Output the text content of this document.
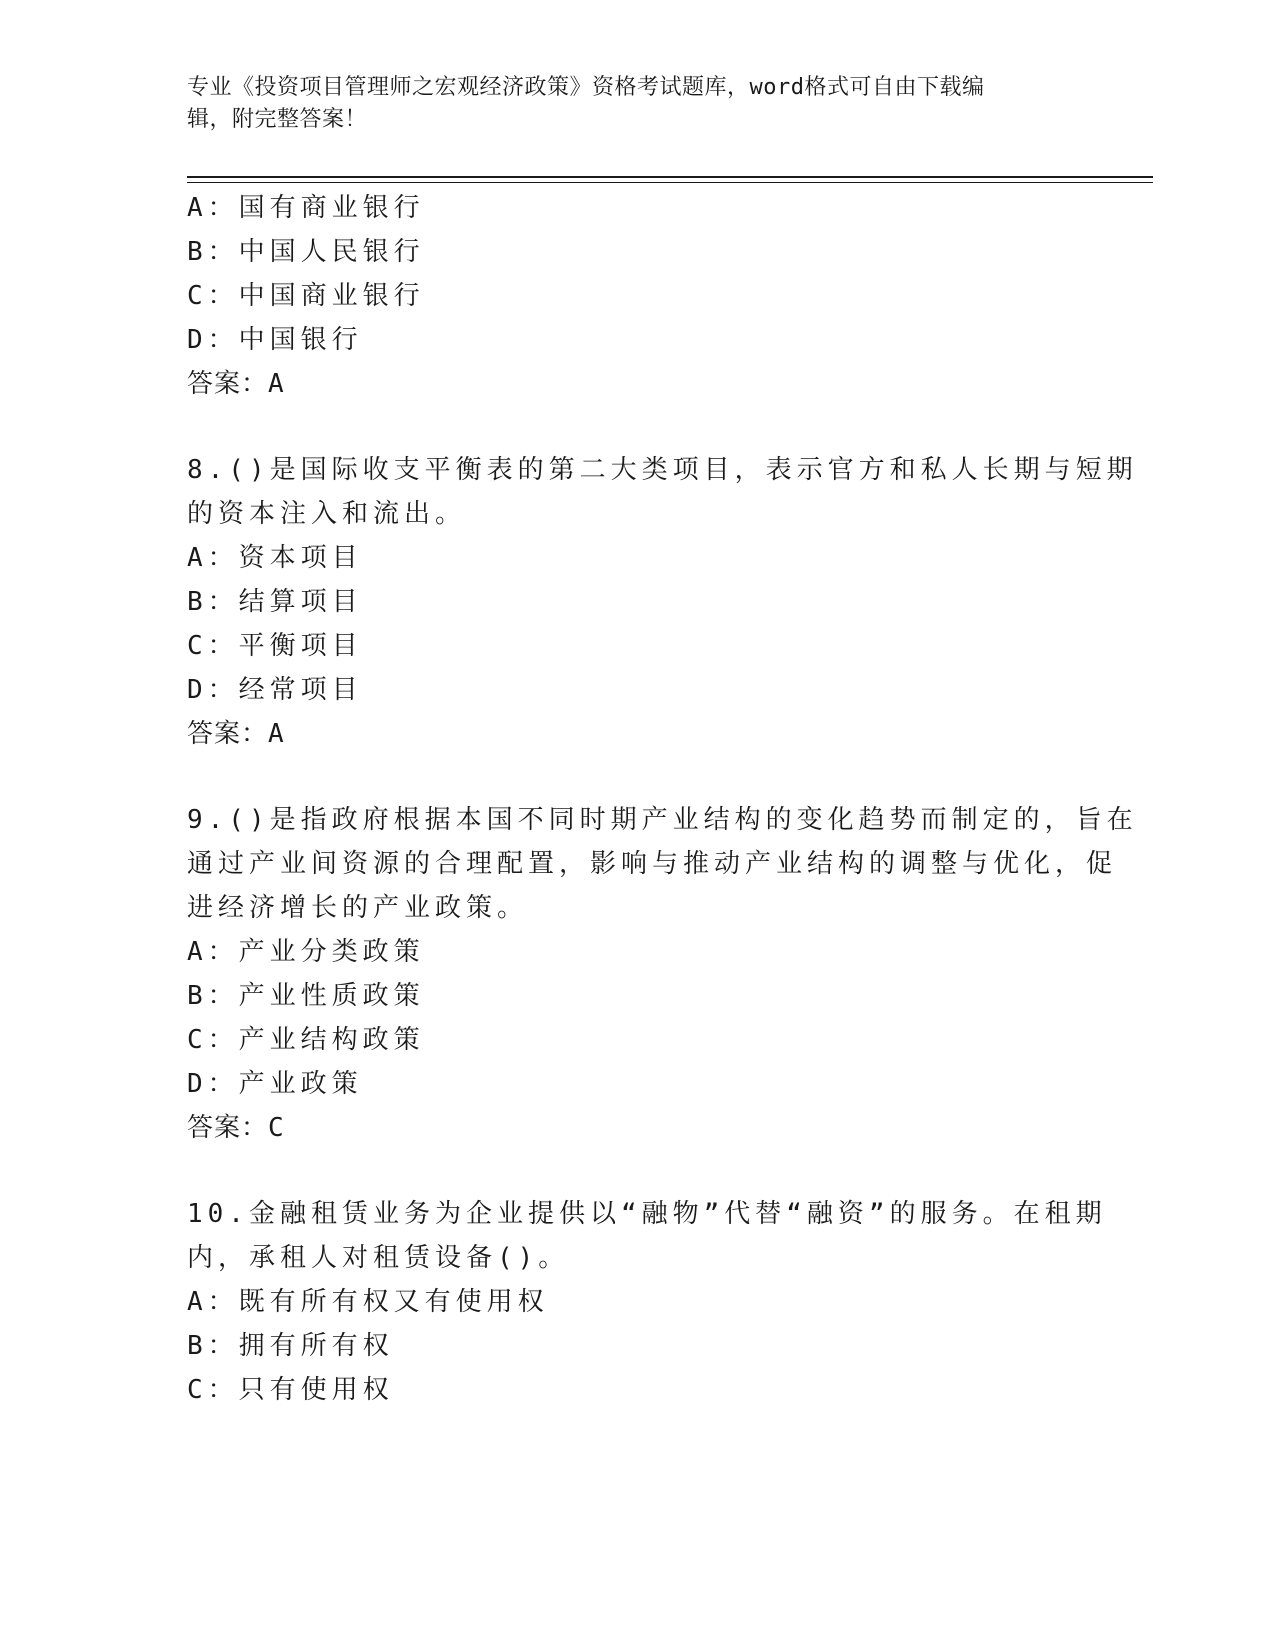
专业《投资项目管理师之宏观经济政策》资格考试题库，word格式可自由下载编
辑，附完整答案！
A：国有商业银行
B：中国人民银行
C：中国商业银行
D：中国银行
答案：A
8.()是国际收支平衡表的第二大类项目，表示官方和私人长期与短期
的资本注入和流出。
A：资本项目
B：结算项目
C：平衡项目
D：经常项目
答案：A
9.()是指政府根据本国不同时期产业结构的变化趋势而制定的，旨在
通过产业间资源的合理配置，影响与推动产业结构的调整与优化，促
进经济增长的产业政策。
A：产业分类政策
B：产业性质政策
C：产业结构政策
D：产业政策
答案：C
10.金融租赁业务为企业提供以“融物”代替“融资”的服务。在租期
内，承租人对租赁设备()。
A：既有所有权又有使用权
B：拥有所有权
C：只有使用权
